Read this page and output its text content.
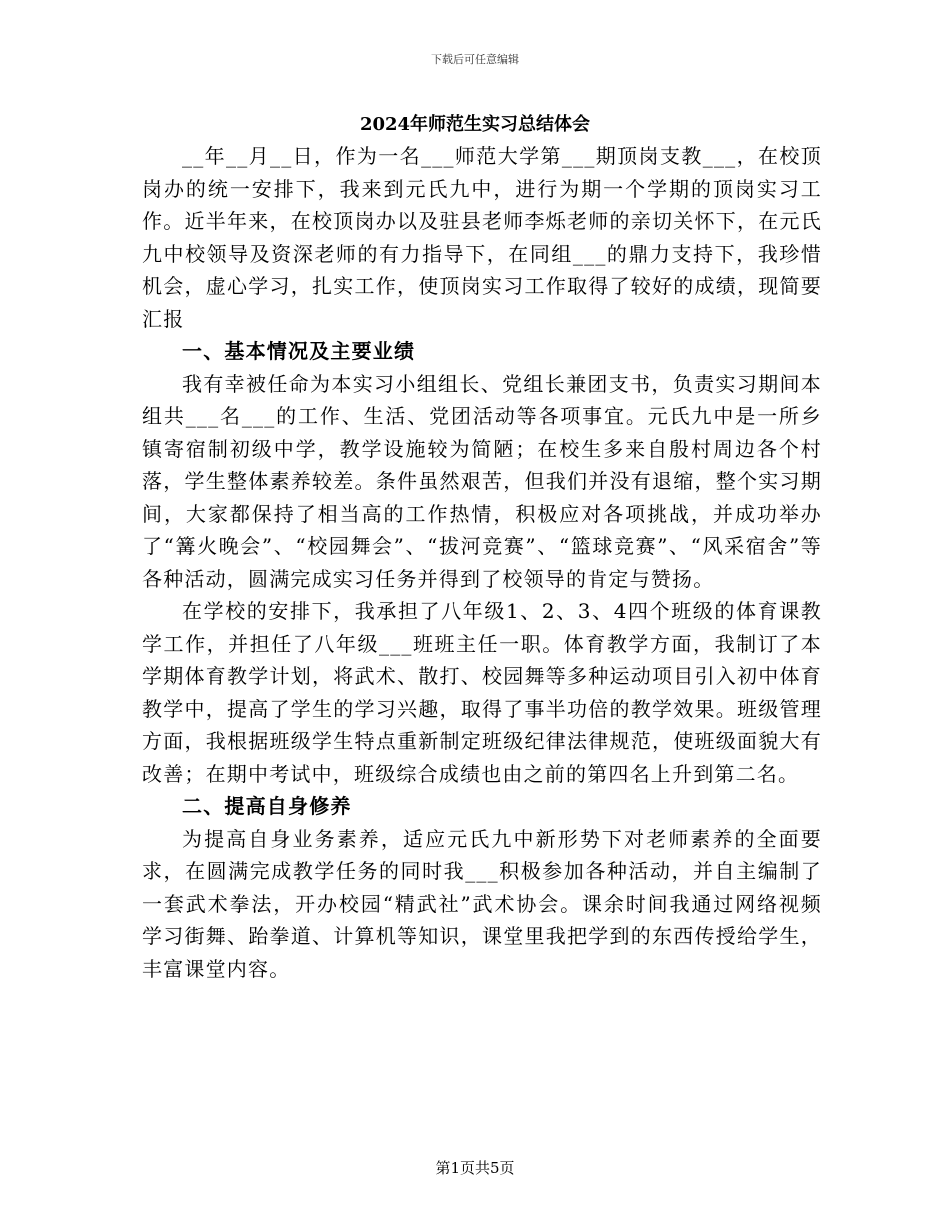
下载后可任意编辑
2024年师范生实习总结体会

__年__月__日，作为一名___师范大学第___期顶岗支教___，在校顶岗办的统一安排下，我来到元氏九中，进行为期一个学期的顶岗实习工作。近半年来，在校顶岗办以及驻县老师李烁老师的亲切关怀下，在元氏九中校领导及资深老师的有力指导下，在同组___的鼎力支持下，我珍惜机会，虚心学习，扎实工作，使顶岗实习工作取得了较好的成绩，现简要汇报

一、基本情况及主要业绩

我有幸被任命为本实习小组组长、党组长兼团支书，负责实习期间本组共___名___的工作、生活、党团活动等各项事宜。元氏九中是一所乡镇寄宿制初级中学，教学设施较为简陋；在校生多来自殷村周边各个村落，学生整体素养较差。条件虽然艰苦，但我们并没有退缩，整个实习期间，大家都保持了相当高的工作热情，积极应对各项挑战，并成功举办了“篝火晚会”、“校园舞会”、“拔河竞赛”、“篮球竞赛”、“风采宿舍”等各种活动，圆满完成实习任务并得到了校领导的肯定与赞扬。

在学校的安排下，我承担了八年级1、2、3、4四个班级的体育课教学工作，并担任了八年级___班班主任一职。体育教学方面，我制订了本学期体育教学计划，将武术、散打、校园舞等多种运动项目引入初中体育教学中，提高了学生的学习兴趣，取得了事半功倍的教学效果。班级管理方面，我根据班级学生特点重新制定班级纪律法律规范，使班级面貌大有改善；在期中考试中，班级综合成绩也由之前的第四名上升到第二名。

二、提高自身修养

为提高自身业务素养，适应元氏九中新形势下对老师素养的全面要求，在圆满完成教学任务的同时我___积极参加各种活动，并自主编制了一套武术拳法，开办校园“精武社”武术协会。课余时间我通过网络视频学习街舞、跆拳道、计算机等知识，课堂里我把学到的东西传授给学生，丰富课堂内容。

第1页共5页
